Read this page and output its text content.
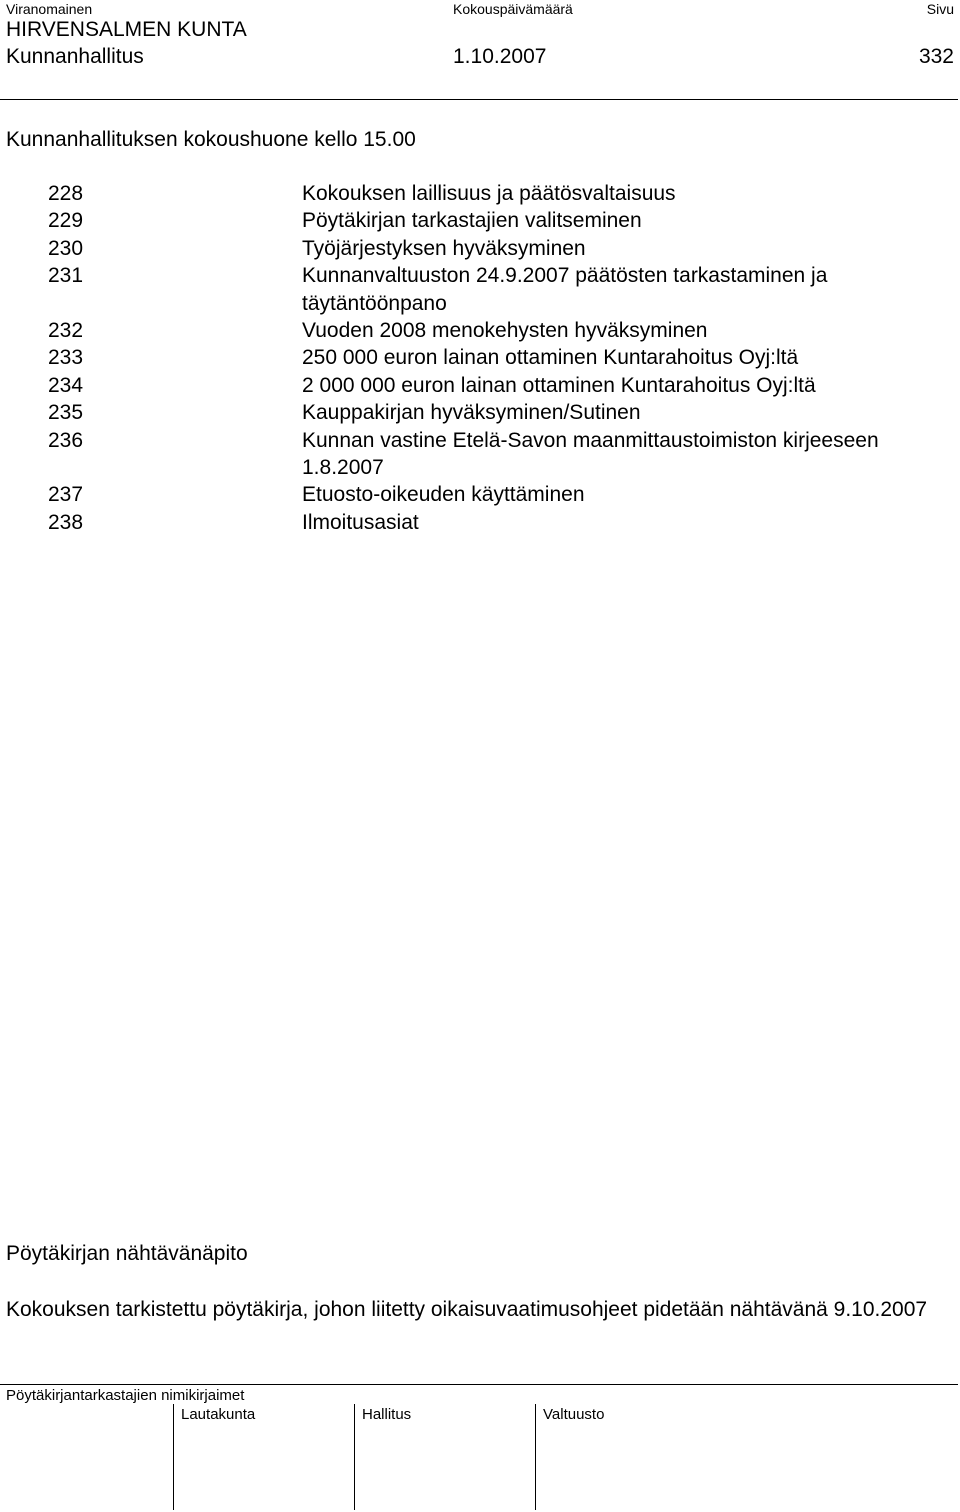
Viranomainen	Kokouspäivämäärä	Sivu
HIRVENSALMEN KUNTA
Kunnanhallitus	1.10.2007	332
Kunnanhallituksen kokoushuone kello 15.00
228	Kokouksen laillisuus ja päätösvaltaisuus
229	Pöytäkirjan tarkastajien valitseminen
230	Työjärjestyksen hyväksyminen
231	Kunnanvaltuuston 24.9.2007 päätösten tarkastaminen ja täytäntöönpano
232	Vuoden 2008 menokehysten hyväksyminen
233	250 000 euron lainan ottaminen Kuntarahoitus Oyj:ltä
234	2 000 000 euron lainan ottaminen Kuntarahoitus Oyj:ltä
235	Kauppakirjan hyväksyminen/Sutinen
236	Kunnan vastine Etelä-Savon maanmittaustoimiston kirjeeseen 1.8.2007
237	Etuosto-oikeuden käyttäminen
238	Ilmoitusasiat
Pöytäkirjan nähtävänäpito
Kokouksen tarkistettu pöytäkirja, johon liitetty oikaisuvaatimusohjeet pidetään nähtävänä 9.10.2007
Pöytäkirjantarkastajien nimikirjaimet
Lautakunta	Hallitus	Valtuusto
